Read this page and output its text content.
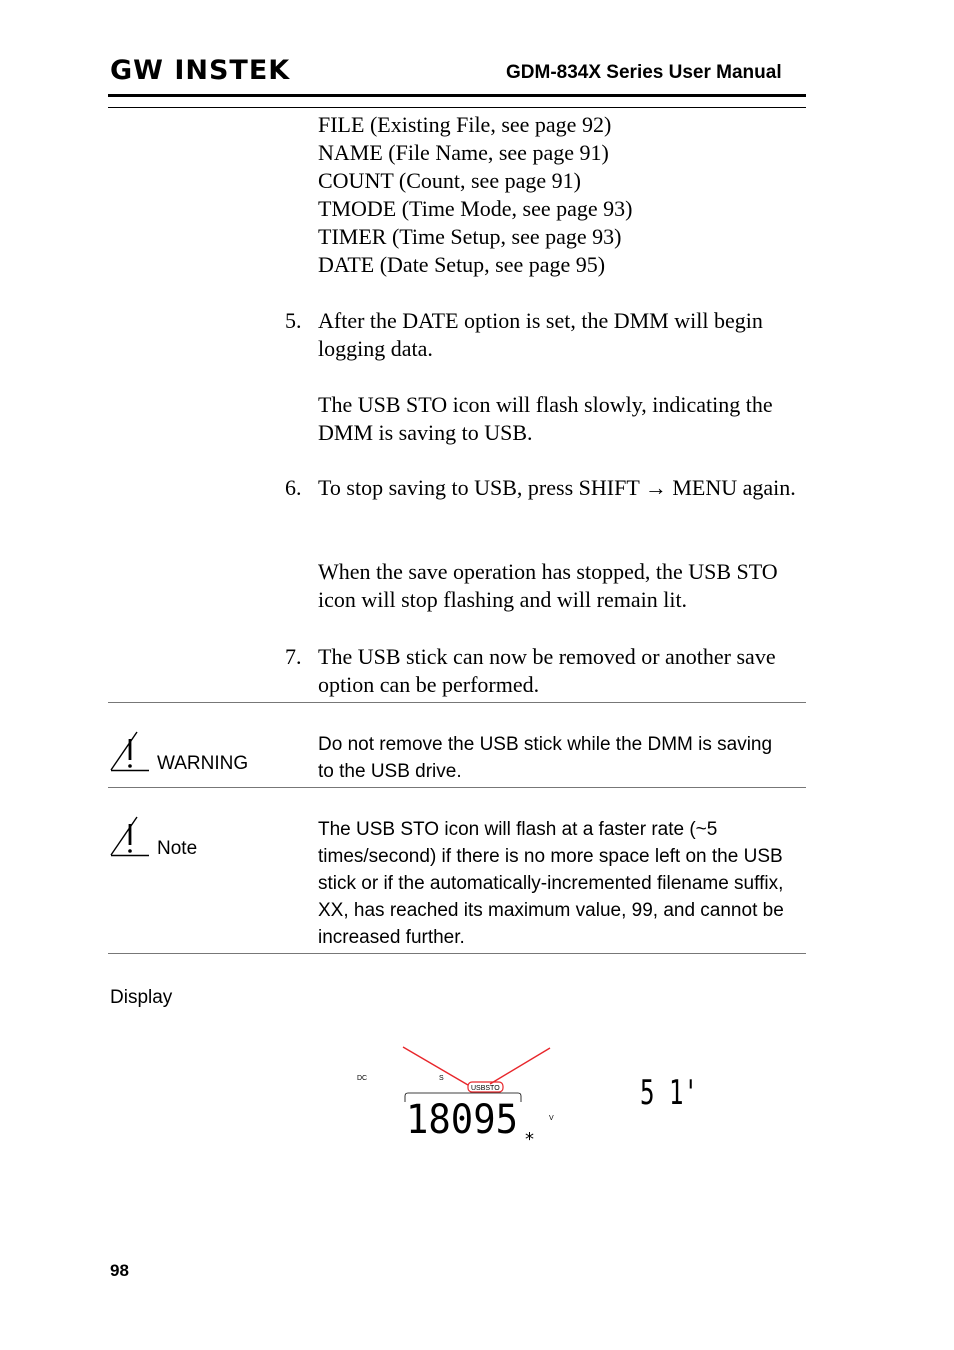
GW INSTEK	GDM-834X Series User Manual
FILE (Existing File, see page 92)
NAME (File Name, see page 91)
COUNT (Count, see page 91)
TMODE (Time Mode, see page 93)
TIMER (Time Setup, see page 93)
DATE (Date Setup, see page 95)
5. After the DATE option is set, the DMM will begin logging data.
The USB STO icon will flash slowly, indicating the DMM is saving to USB.
6. To stop saving to USB, press SHIFT → MENU again.
When the save operation has stopped, the USB STO icon will stop flashing and will remain lit.
7. The USB stick can now be removed or another save option can be performed.
WARNING
Do not remove the USB stick while the DMM is saving to the USB drive.
Note
The USB STO icon will flash at a faster rate (~5 times/second) if there is no more space left on the USB stick or if the automatically-incremented filename suffix, XX, has reached its maximum value, 99, and cannot be increased further.
Display
DC	S
USBSTO
18095 *
V
5 1'
98
